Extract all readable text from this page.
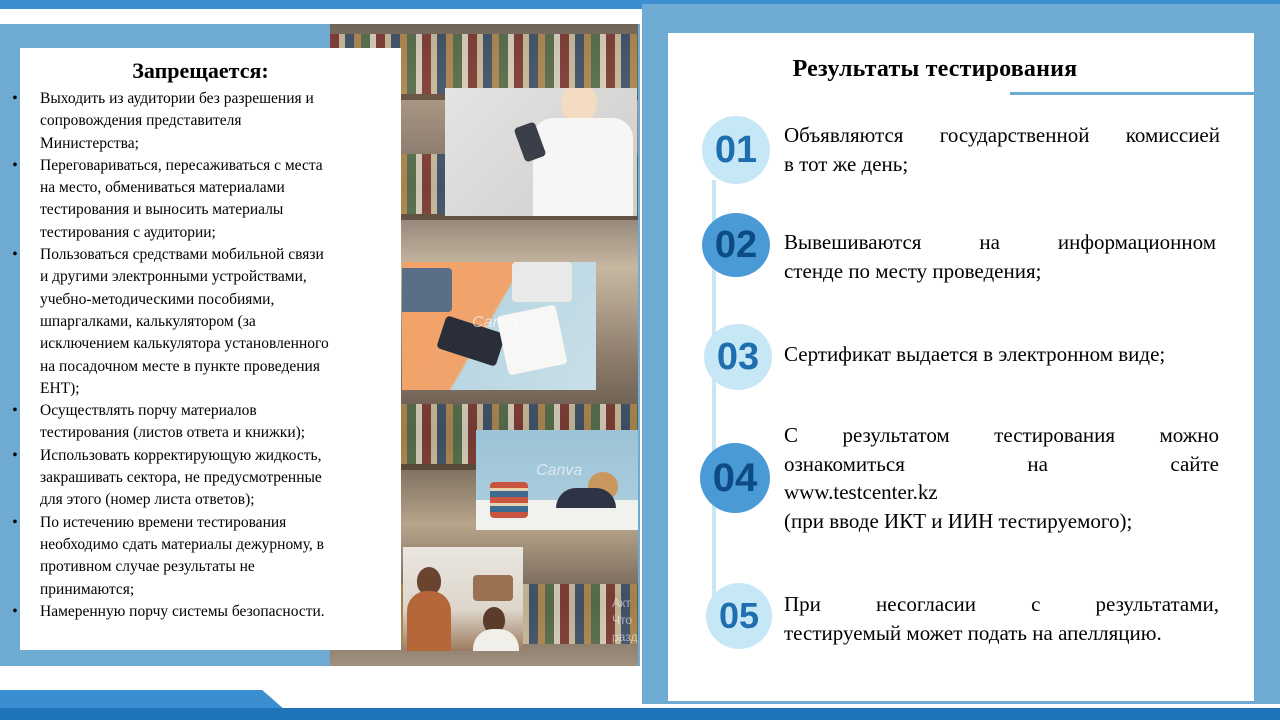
Canva
Canva
Запрещается:
• Выходить из аудитории без разрешения и
сопровождения представителя
Министерства;
• Переговариваться, пересаживаться с места
на место, обмениваться материалами
тестирования и выносить материалы
тестирования с аудитории;
• Пользоваться средствами мобильной связи
и другими электронными устройствами,
учебно-методическими пособиями,
шпаргалками, калькулятором (за
исключением калькулятора установленного
на посадочном месте в пункте проведения
ЕНТ);
• Осуществлять порчу материалов
тестирования (листов ответа и книжки);
• Использовать корректирующую жидкость,
закрашивать сектора, не предусмотренные
для этого (номер листа ответов);
• По истечению времени тестирования
необходимо сдать материалы дежурному, в
противном случае результаты не
принимаются;
• Намеренную порчу системы безопасности.	Акт
Что
разд
Результаты тестирования
01
02
03
04
05
Объявляются государственной комиссией
в тот же день;
Вывешиваются на информационном
стенде по месту проведения;
Сертификат выдается в электронном виде;
С результатом тестирования можно
ознакомиться на сайте
www.testcenter.kz
(при вводе ИКТ и ИИН тестируемого);
При несогласии с результатами,
тестируемый может подать на апелляцию.
